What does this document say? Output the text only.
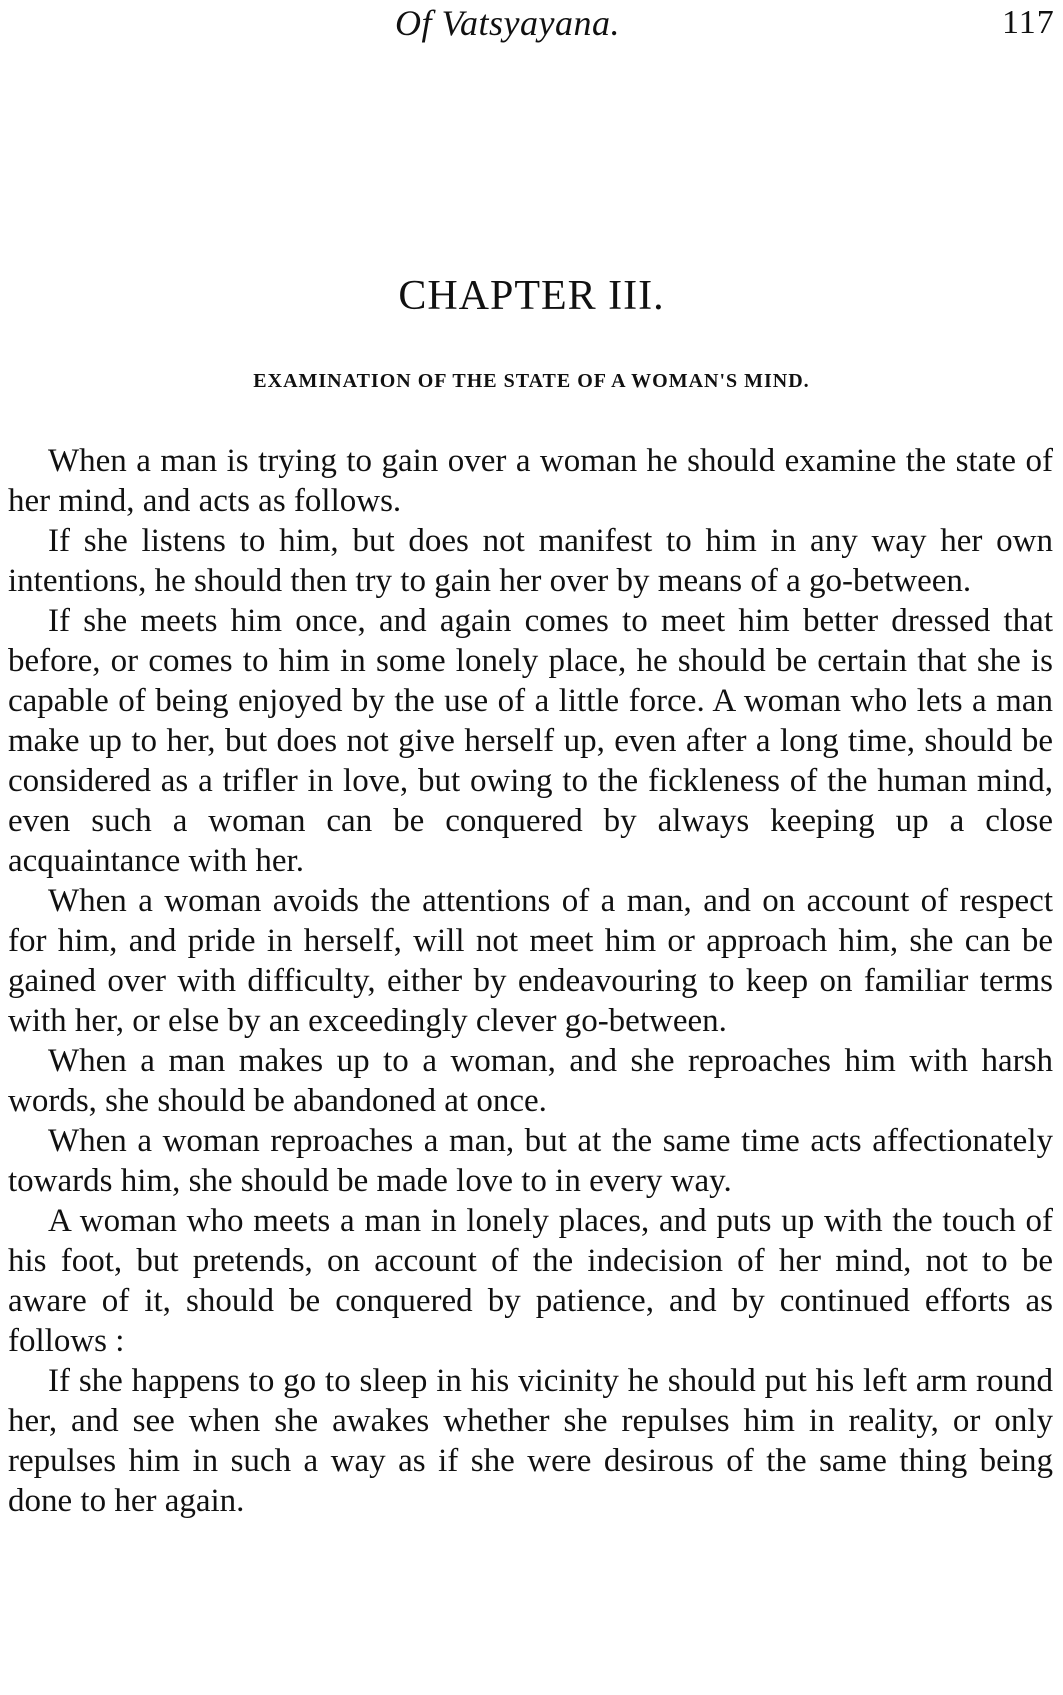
Of Vatsyayana.	117
CHAPTER III.
EXAMINATION OF THE STATE OF A WOMAN'S MIND.

When a man is trying to gain over a woman he should examine the state of her mind, and acts as follows.

If she listens to him, but does not manifest to him in any way her own intentions, he should then try to gain her over by means of a go-between.

If she meets him once, and again comes to meet him better dressed that before, or comes to him in some lonely place, he should be certain that she is capable of being enjoyed by the use of a little force. A woman who lets a man make up to her, but does not give herself up, even after a long time, should be considered as a trifler in love, but owing to the fickleness of the human mind, even such a woman can be conquered by always keeping up a close acquaintance with her.

When a woman avoids the attentions of a man, and on account of respect for him, and pride in herself, will not meet him or approach him, she can be gained over with difficulty, either by endeavouring to keep on familiar terms with her, or else by an exceedingly clever go-between.

When a man makes up to a woman, and she reproaches him with harsh words, she should be abandoned at once.

When a woman reproaches a man, but at the same time acts affectionately towards him, she should be made love to in every way.

A woman who meets a man in lonely places, and puts up with the touch of his foot, but pretends, on account of the indecision of her mind, not to be aware of it, should be conquered by patience, and by continued efforts as follows :

If she happens to go to sleep in his vicinity he should put his left arm round her, and see when she awakes whether she repulses him in reality, or only repulses him in such a way as if she were desirous of the same thing being done to her again.
